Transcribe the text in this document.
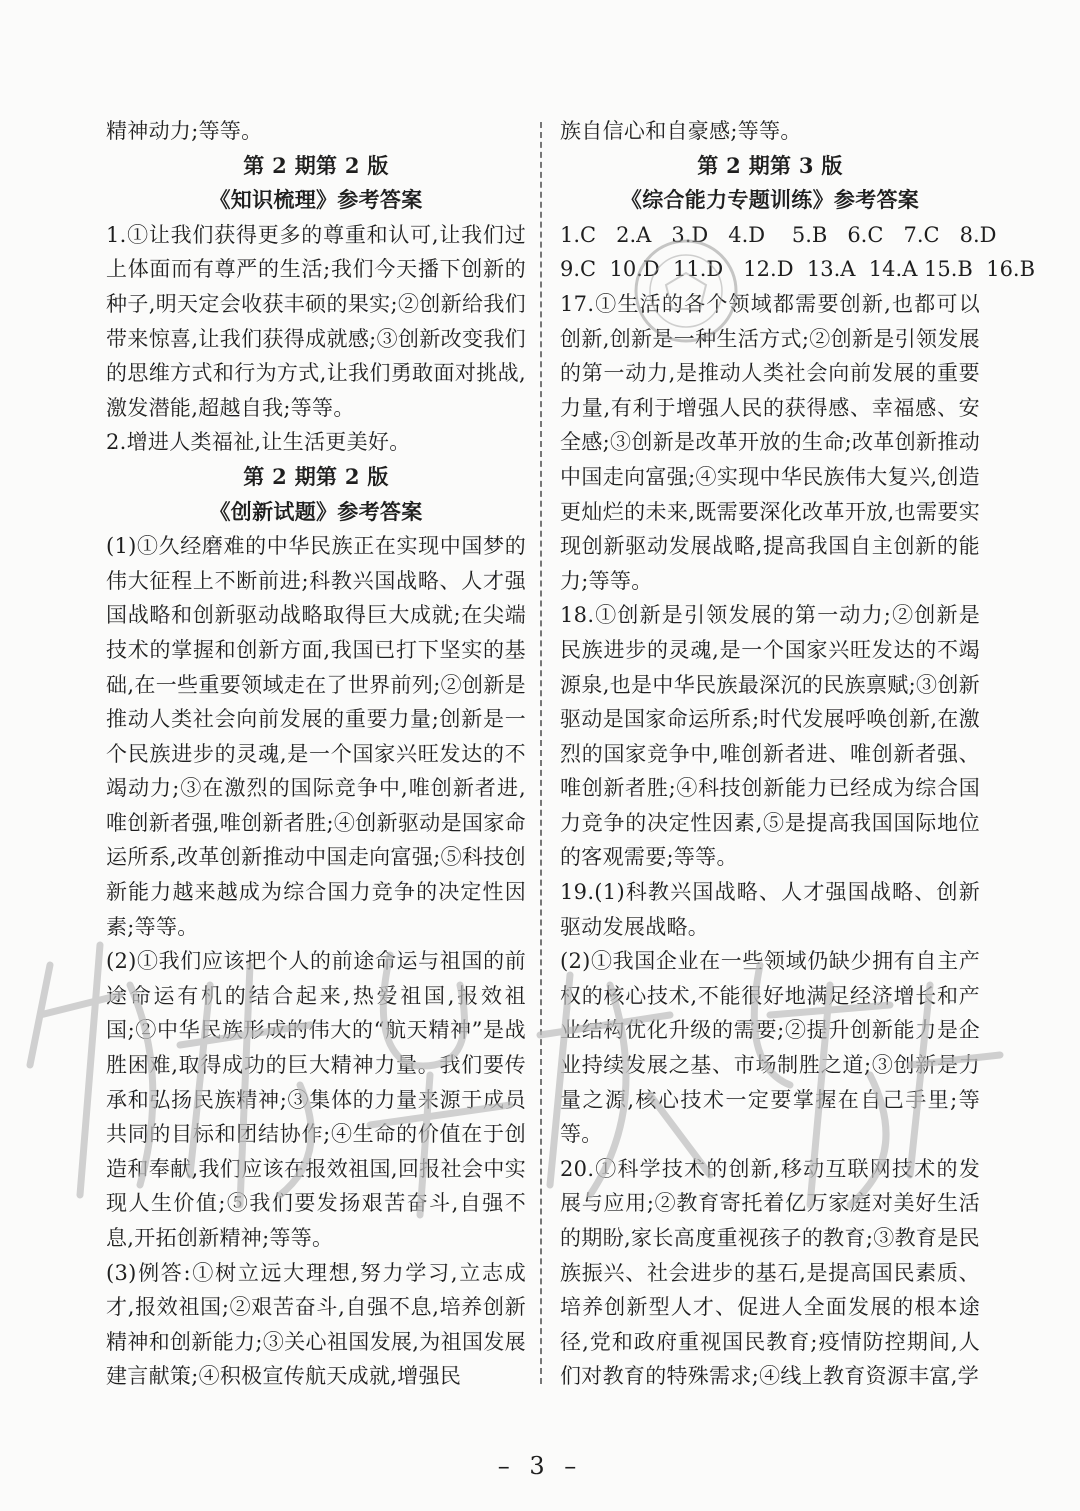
精神动力;等等。
第 2 期第 2 版
《知识梳理》参考答案
1.①让我们获得更多的尊重和认可,让我们过上体面而有尊严的生活;我们今天播下创新的种子,明天定会收获丰硕的果实;②创新给我们带来惊喜,让我们获得成就感;③创新改变我们的思维方式和行为方式,让我们勇敢面对挑战,激发潜能,超越自我;等等。
2.增进人类福祉,让生活更美好。
第 2 期第 2 版
《创新试题》参考答案
(1)①久经磨难的中华民族正在实现中国梦的伟大征程上不断前进;科教兴国战略、人才强国战略和创新驱动战略取得巨大成就;在尖端技术的掌握和创新方面,我国已打下坚实的基础,在一些重要领域走在了世界前列;②创新是推动人类社会向前发展的重要力量;创新是一个民族进步的灵魂,是一个国家兴旺发达的不竭动力;③在激烈的国际竞争中,唯创新者进,唯创新者强,唯创新者胜;④创新驱动是国家命运所系,改革创新推动中国走向富强;⑤科技创新能力越来越成为综合国力竞争的决定性因素;等等。
(2)①我们应该把个人的前途命运与祖国的前途命运有机的结合起来,热爱祖国,报效祖国;②中华民族形成的伟大的“航天精神”是战胜困难,取得成功的巨大精神力量。我们要传承和弘扬民族精神;③集体的力量来源于成员共同的目标和团结协作;④生命的价值在于创造和奉献,我们应该在报效祖国,回报社会中实现人生价值;⑤我们要发扬艰苦奋斗,自强不息,开拓创新精神;等等。
(3)例答:①树立远大理想,努力学习,立志成才,报效祖国;②艰苦奋斗,自强不息,培养创新精神和创新能力;③关心祖国发展,为祖国发展建言献策;④积极宣传航天成就,增强民
族自信心和自豪感;等等。
第 2 期第 3 版
《综合能力专题训练》参考答案
1.C   2.A   3.D   4.D    5.B   6.C   7.C   8.D
9.C  10.D  11.D   12.D  13.A  14.A 15.B  16.B
17.①生活的各个领域都需要创新,也都可以创新,创新是一种生活方式;②创新是引领发展的第一动力,是推动人类社会向前发展的重要力量,有利于增强人民的获得感、幸福感、安全感;③创新是改革开放的生命;改革创新推动中国走向富强;④实现中华民族伟大复兴,创造更灿烂的未来,既需要深化改革开放,也需要实现创新驱动发展战略,提高我国自主创新的能力;等等。
18.①创新是引领发展的第一动力;②创新是民族进步的灵魂,是一个国家兴旺发达的不竭源泉,也是中华民族最深沉的民族禀赋;③创新驱动是国家命运所系;时代发展呼唤创新,在激烈的国家竞争中,唯创新者进、唯创新者强、唯创新者胜;④科技创新能力已经成为综合国力竞争的决定性因素,⑤是提高我国国际地位的客观需要;等等。
19.(1)科教兴国战略、人才强国战略、创新驱动发展战略。
(2)①我国企业在一些领域仍缺少拥有自主产权的核心技术,不能很好地满足经济增长和产业结构优化升级的需要;②提升创新能力是企业持续发展之基、市场制胜之道;③创新是力量之源,核心技术一定要掌握在自己手里;等等。
20.①科学技术的创新,移动互联网技术的发展与应用;②教育寄托着亿万家庭对美好生活的期盼,家长高度重视孩子的教育;③教育是民族振兴、社会进步的基石,是提高国民素质、培养创新型人才、促进人全面发展的根本途径,党和政府重视国民教育;疫情防控期间,人们对教育的特殊需求;④线上教育资源丰富,学
– 3 –
